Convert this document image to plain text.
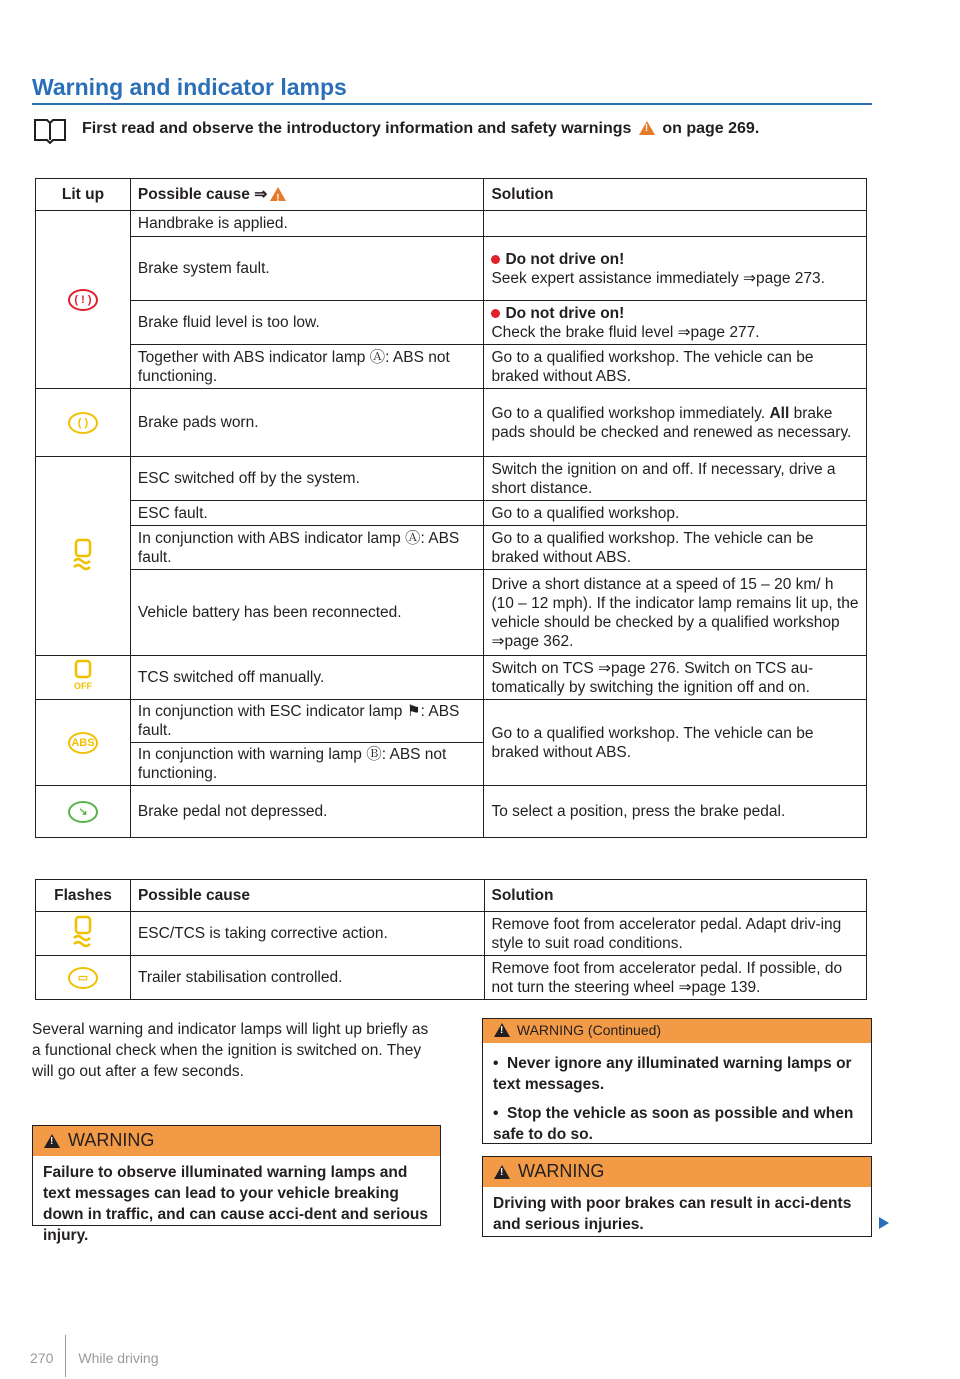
Warning and indicator lamps
First read and observe the introductory information and safety warnings ! on page 269.
Lit up	Possible cause ⇒!	Solution

( ! )	Handbrake is applied.	
	Brake system fault.	Do not drive on!
Seek expert assistance immediately ⇒page 273.
	Brake fluid level is too low.	Do not drive on!
Check the brake fluid level ⇒page 277.
	Together with ABS indicator lamp Ⓐ: ABS not functioning.	Go to a qualified workshop. The vehicle can be braked without ABS.

( )	Brake pads worn.	Go to a qualified workshop immediately. All brake pads should be checked and renewed as necessary.
	ESC switched off by the system.	Switch the ignition on and off. If necessary, drive a short distance.
	ESC fault.	Go to a qualified workshop.
	In conjunction with ABS indicator lamp Ⓐ: ABS fault.	Go to a qualified workshop. The vehicle can be braked without ABS.
	Vehicle battery has been reconnected.	Drive a short distance at a speed of 15 – 20 km/ h (10 – 12 mph). If the indicator lamp remains lit up, the vehicle should be checked by a qualified workshop ⇒page 362.

OFF	TCS switched off manually.	Switch on TCS ⇒page 276. Switch on TCS au-tomatically by switching the ignition off and on.

ABS	In conjunction with ESC indicator lamp ⚑: ABS fault.	Go to a qualified workshop. The vehicle can be braked without ABS.
	In conjunction with warning lamp Ⓑ: ABS not functioning.	

↘	Brake pedal not depressed.	To select a position, press the brake pedal.
Flashes	Possible cause	Solution
	ESC/TCS is taking corrective action.	Remove foot from accelerator pedal. Adapt driv-ing style to suit road conditions.

▭	Trailer stabilisation controlled.	Remove foot from accelerator pedal. If possible, do not turn the steering wheel ⇒page 139.
Several warning and indicator lamps will light up briefly as a functional check when the ignition is switched on. They will go out after a few seconds.
! WARNING
Failure to observe illuminated warning lamps and text messages can lead to your vehicle breaking down in traffic, and can cause acci-dent and serious injury.
! WARNING (Continued)
•  Never ignore any illuminated warning lamps or text messages.
•  Stop the vehicle as soon as possible and when safe to do so.
! WARNING
Driving with poor brakes can result in acci-dents and serious injuries.
270 While driving
